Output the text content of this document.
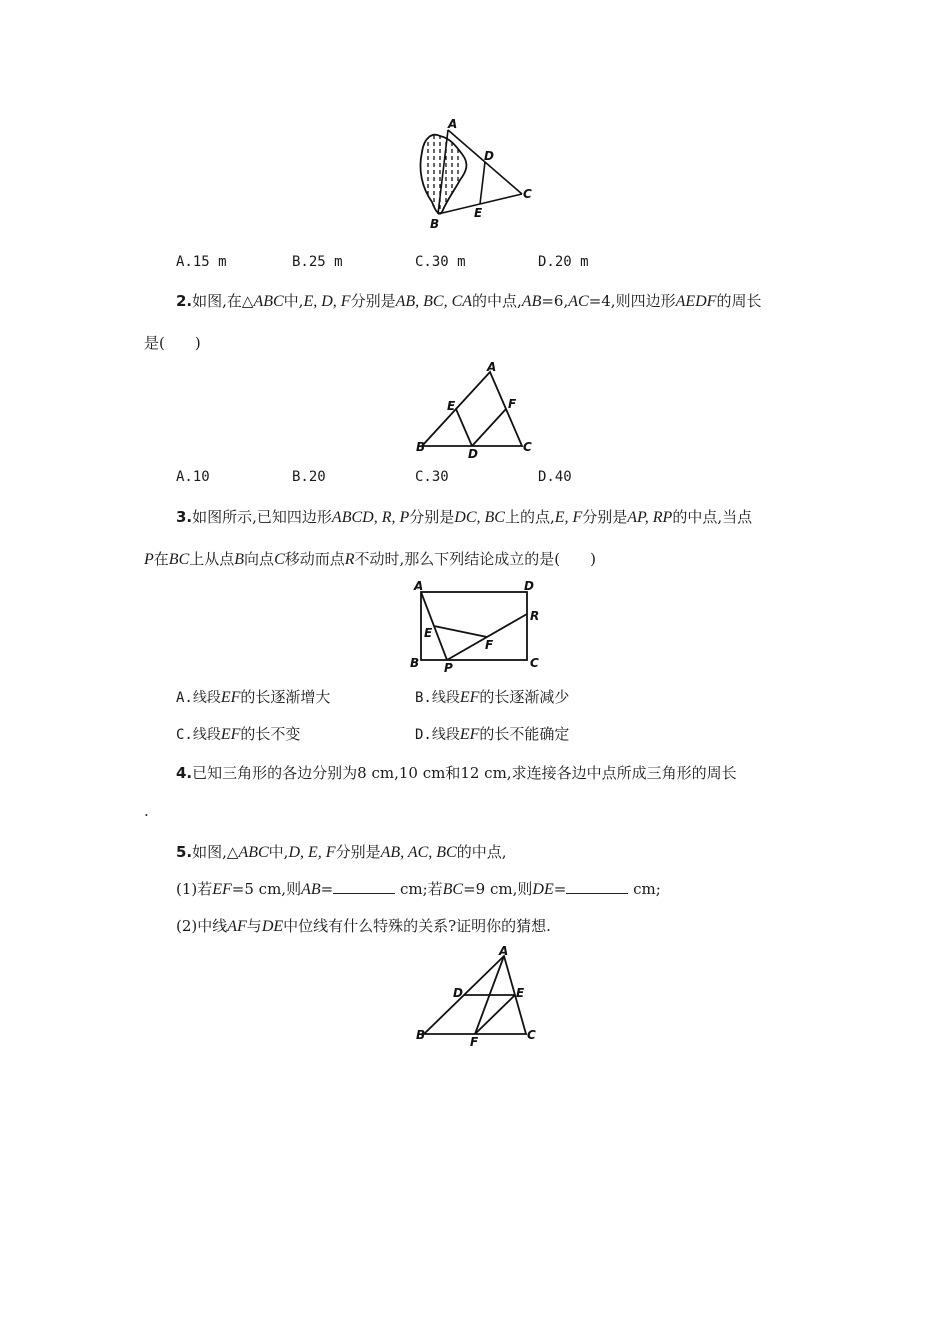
A
D
C
E
B
A.15 m	B.25 m	C.30 m	D.20 m
2.如图,在△ABC中,E, D, F分别是AB, BC, CA的中点,AB=6,AC=4,则四边形AEDF的周长
是(　　)
A
E	F
B	D	C
A.10	B.20	C.30	D.40
3.如图所示,已知四边形ABCD, R, P分别是DC, BC上的点,E, F分别是AP, RP的中点,当点
P在BC上从点B向点C移动而点R不动时,那么下列结论成立的是(　　)
A	D
R
E
F
B P	C
A.线段EF的长逐渐增大	B.线段EF的长逐渐减少
C.线段EF的长不变	D.线段EF的长不能确定
4.已知三角形的各边分别为8 cm,10 cm和12 cm,求连接各边中点所成三角形的周长
.
5.如图,△ABC中,D, E, F分别是AB, AC, BC的中点,
(1)若EF=5 cm,则AB=	cm;若BC=9 cm,则DE=	cm;
(2)中线AF与DE中位线有什么特殊的关系?证明你的猜想.
A
D	E
B	F	C
